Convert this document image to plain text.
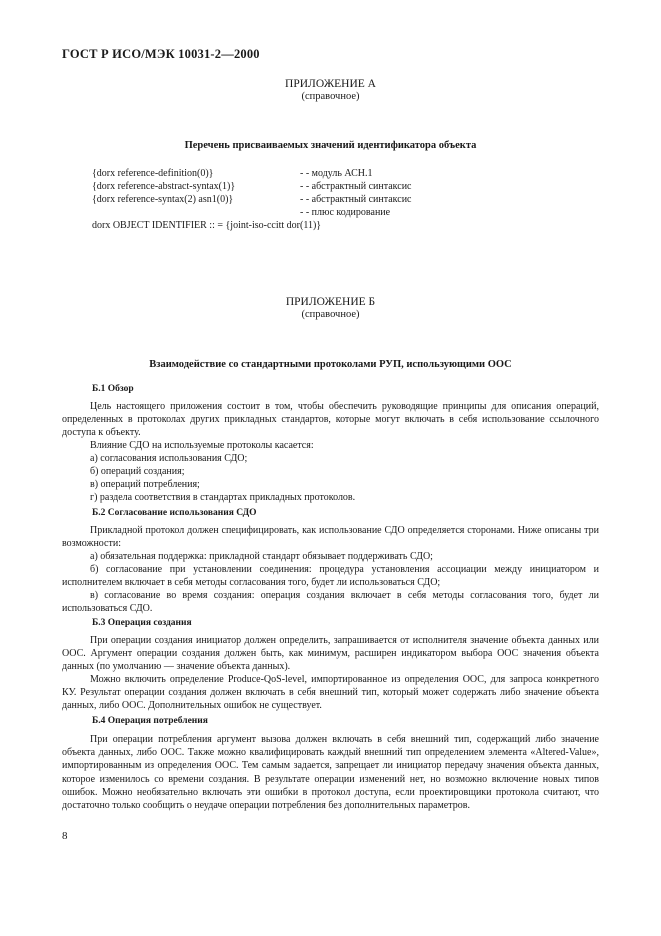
ГОСТ Р ИСО/МЭК 10031-2—2000
ПРИЛОЖЕНИЕ А
(справочное)
Перечень присваиваемых значений идентификатора объекта
{dorx reference-definition(0)}	- - модуль АСН.1
{dorx reference-abstract-syntax(1)}	- - абстрактный синтаксис
{dorx reference-syntax(2) asn1(0)}	- - абстрактный синтаксис
- - плюс кодирование
dorx OBJECT IDENTIFIER :: = {joint-iso-ccitt dor(11)}
ПРИЛОЖЕНИЕ Б
(справочное)
Взаимодействие со стандартными протоколами РУП, использующими ООС
Б.1 Обзор
Цель настоящего приложения состоит в том, чтобы обеспечить руководящие принципы для описания операций, определенных в протоколах других прикладных стандартов, которые могут включать в себя использование ссылочного доступа к объекту.
Влияние СДО на используемые протоколы касается:
а) согласования использования СДО;
б) операций создания;
в) операций потребления;
г) раздела соответствия в стандартах прикладных протоколов.
Б.2 Согласование использования СДО
Прикладной протокол должен специфицировать, как использование СДО определяется сторонами. Ниже описаны три возможности:
а) обязательная поддержка: прикладной стандарт обязывает поддерживать СДО;
б) согласование при установлении соединения: процедура установления ассоциации между инициатором и исполнителем включает в себя методы согласования того, будет ли использоваться СДО;
в) согласование во время создания: операция создания включает в себя методы согласования того, будет ли использоваться СДО.
Б.3 Операция создания
При операции создания инициатор должен определить, запрашивается от исполнителя значение объекта данных или ООС. Аргумент операции создания должен быть, как минимум, расширен индикатором выбора ООС значения объекта данных (по умолчанию — значение объекта данных).
Можно включить определение Produce-QoS-level, импортированное из определения ООС, для запроса конкретного КУ. Результат операции создания должен включать в себя внешний тип, который может содержать либо значение объекта данных, либо ООС. Дополнительных ошибок не существует.
Б.4 Операция потребления
При операции потребления аргумент вызова должен включать в себя внешний тип, содержащий либо значение объекта данных, либо ООС. Также можно квалифицировать каждый внешний тип определением элемента «Altered-Value», импортированным из определения ООС. Тем самым задается, запрещает ли инициатор передачу значения объекта данных, которое изменилось со времени создания. В результате операции изменений нет, но возможно включение новых типов ошибок. Можно необязательно включать эти ошибки в протокол доступа, если проектировщики протокола считают, что достаточно только сообщить о неудаче операции потребления без дополнительных параметров.
8
